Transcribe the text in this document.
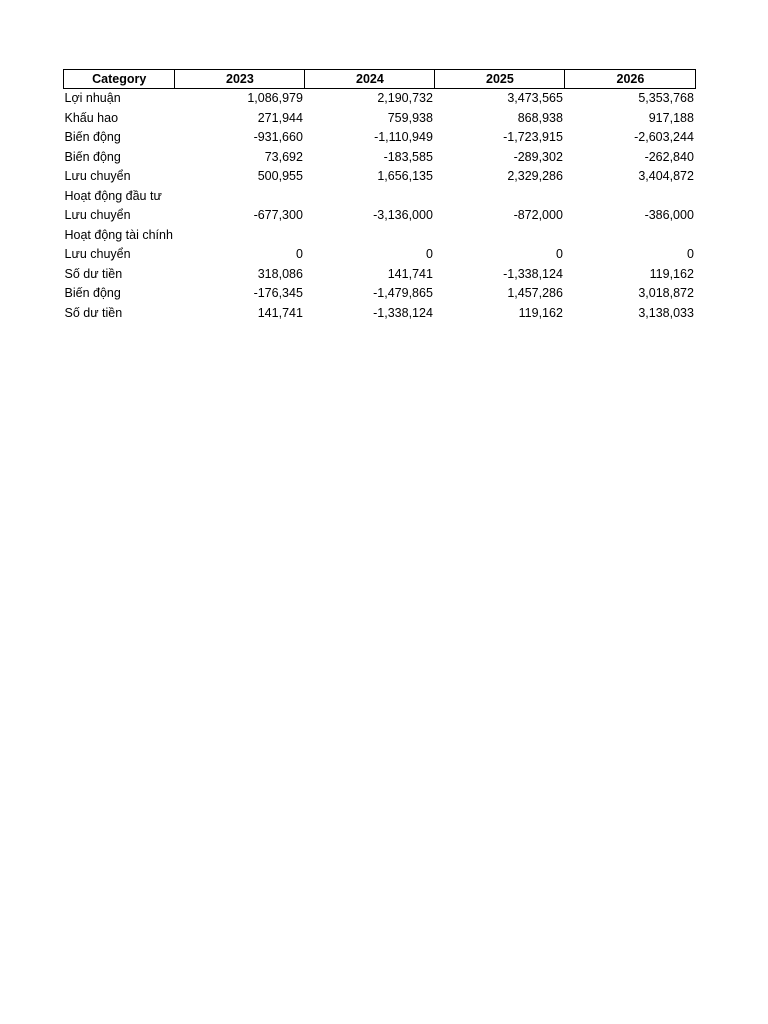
Category	2023	2024	2025	2026
Lợi nhuận	1,086,979	2,190,732	3,473,565	5,353,768
Khấu hao	271,944	759,938	868,938	917,188
Biến động	-931,660	-1,110,949	-1,723,915	-2,603,244
Biến động	73,692	-183,585	-289,302	-262,840
Lưu chuyển	500,955	1,656,135	2,329,286	3,404,872
Hoạt động đầu tư				
Lưu chuyển	-677,300	-3,136,000	-872,000	-386,000
Hoạt động tài chính				
Lưu chuyển	0	0	0	0
Số dư tiền	318,086	141,741	-1,338,124	119,162
Biến động	-176,345	-1,479,865	1,457,286	3,018,872
Số dư tiền	141,741	-1,338,124	119,162	3,138,033
